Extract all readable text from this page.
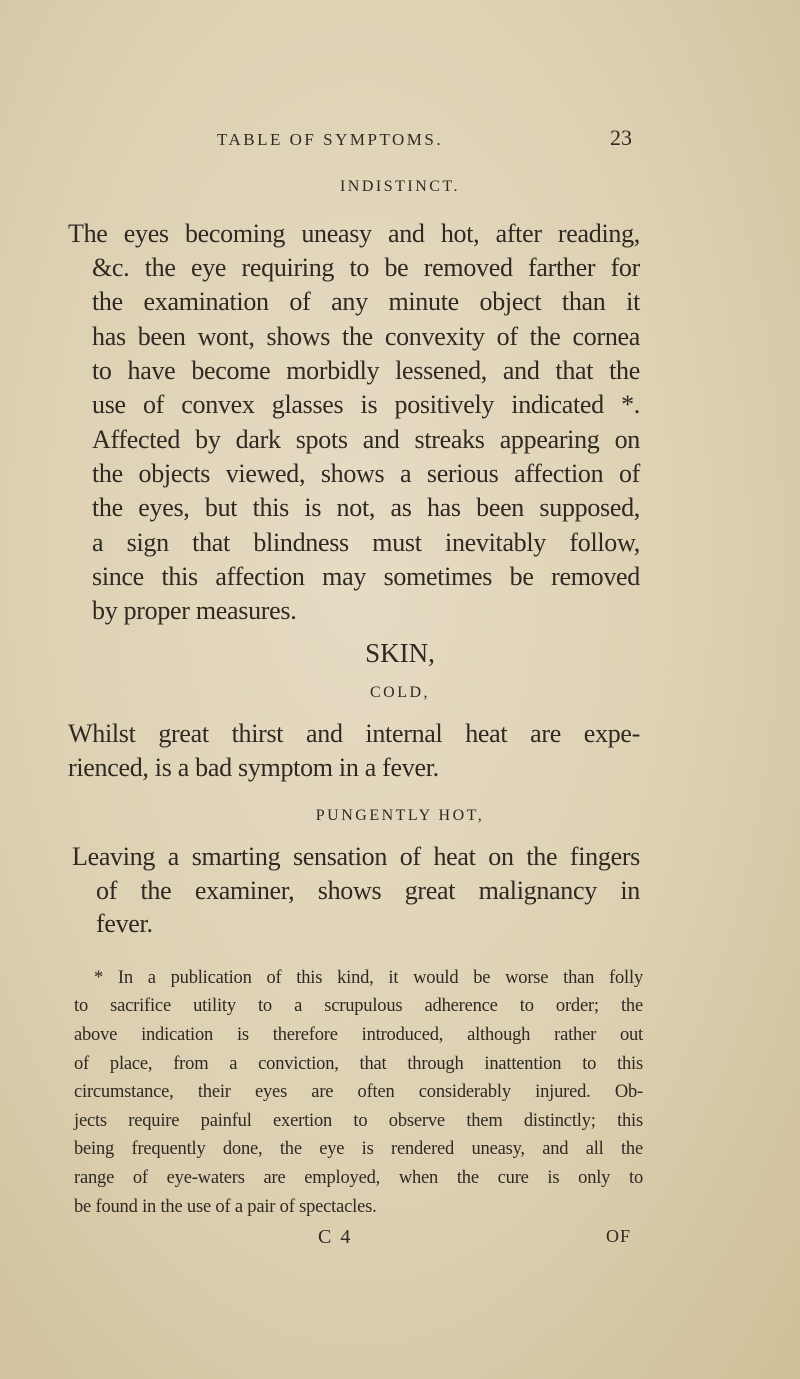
TABLE OF SYMPTOMS.	23
INDISTINCT.
The eyes becoming uneasy and hot, after reading,
&c. the eye requiring to be removed farther for
the examination of any minute object than it
has been wont, shows the convexity of the cornea
to have become morbidly lessened, and that the
use of convex glasses is positively indicated *.
Affected by dark spots and streaks appearing on
the objects viewed, shows a serious affection of
the eyes, but this is not, as has been supposed,
a sign that blindness must inevitably follow,
since this affection may sometimes be removed
by proper measures.
SKIN,
COLD,
Whilst great thirst and internal heat are expe-
rienced, is a bad symptom in a fever.
PUNGENTLY HOT,
Leaving a smarting sensation of heat on the fingers
of the examiner, shows great malignancy in
fever.
* In a publication of this kind, it would be worse than folly
to sacrifice utility to a scrupulous adherence to order; the
above indication is therefore introduced, although rather out
of place, from a conviction, that through inattention to this
circumstance, their eyes are often considerably injured. Ob-
jects require painful exertion to observe them distinctly; this
being frequently done, the eye is rendered uneasy, and all the
range of eye-waters are employed, when the cure is only to
be found in the use of a pair of spectacles.
C 4	OF
